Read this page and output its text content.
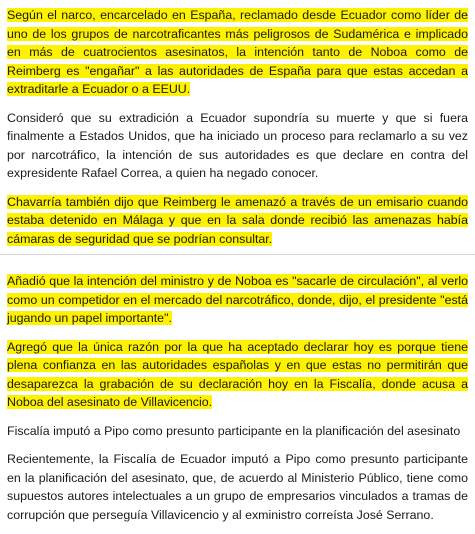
Según el narco, encarcelado en España, reclamado desde Ecuador como líder de uno de los grupos de narcotraficantes más peligrosos de Sudamérica e implicado en más de cuatrocientos asesinatos, la intención tanto de Noboa como de Reimberg es "engañar" a las autoridades de España para que estas accedan a extraditarle a Ecuador o a EEUU.

Consideró que su extradición a Ecuador supondría su muerte y que si fuera finalmente a Estados Unidos, que ha iniciado un proceso para reclamarlo a su vez por narcotráfico, la intención de sus autoridades es que declare en contra del expresidente Rafael Correa, a quien ha negado conocer.

Chavarría también dijo que Reimberg le amenazó a través de un emisario cuando estaba detenido en Málaga y que en la sala donde recibió las amenazas había cámaras de seguridad que se podrían consultar.

Añadió que la intención del ministro y de Noboa es "sacarle de circulación", al verlo como un competidor en el mercado del narcotráfico, donde, dijo, el presidente "está jugando un papel importante".

Agregó que la única razón por la que ha aceptado declarar hoy es porque tiene plena confianza en las autoridades españolas y en que estas no permitirán que desaparezca la grabación de su declaración hoy en la Fiscalía, donde acusa a Noboa del asesinato de Villavicencio.

Fiscalía imputó a Pipo como presunto participante en la planificación del asesinato

Recientemente, la Fiscalía de Ecuador imputó a Pipo como presunto participante en la planificación del asesinato, que, de acuerdo al Ministerio Público, tiene como supuestos autores intelectuales a un grupo de empresarios vinculados a tramas de corrupción que perseguía Villavicencio y al exministro correísta José Serrano.
